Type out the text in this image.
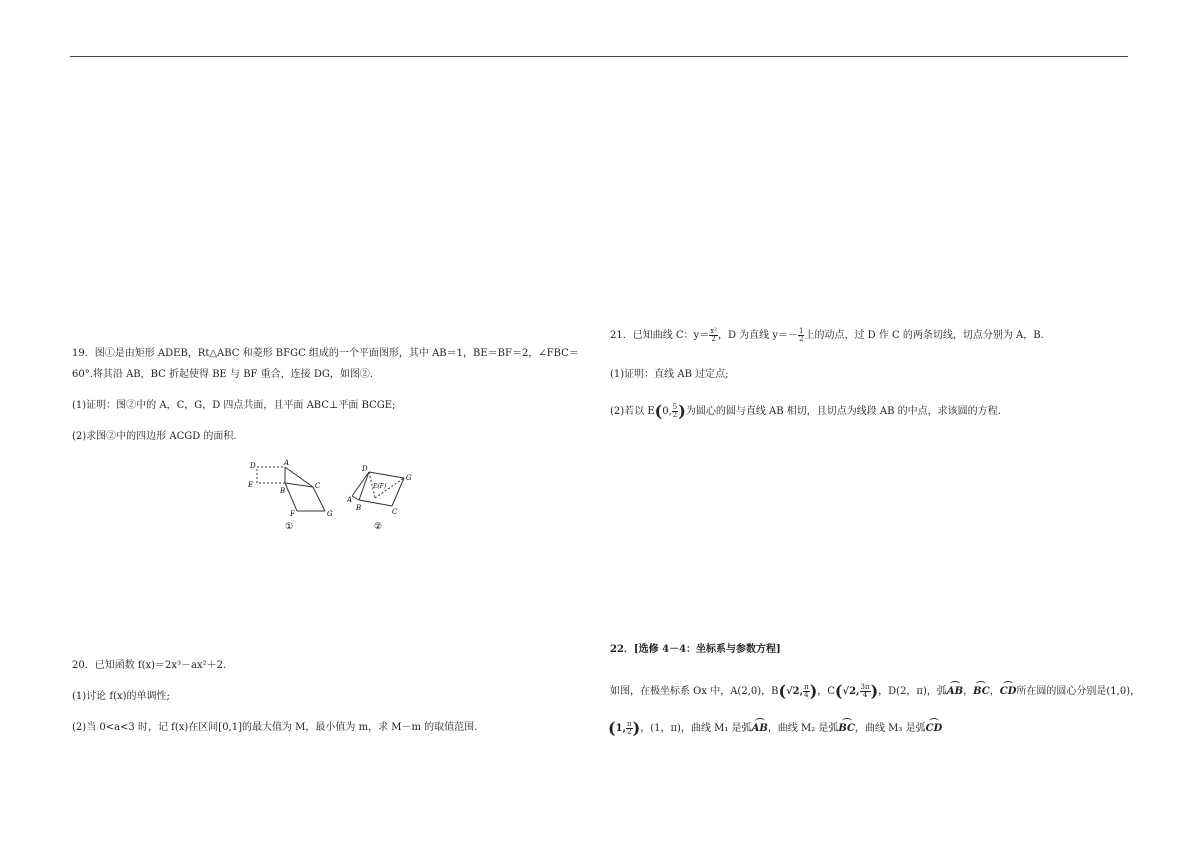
19．图①是由矩形 ADEB，Rt△ABC 和菱形 BFGC 组成的一个平面图形，其中 AB＝1，BE＝BF＝2，∠FBC＝
60°.将其沿 AB，BC 折起使得 BE 与 BF 重合，连接 DG，如图②.
(1)证明：图②中的 A，C，G，D 四点共面，且平面 ABC⊥平面 BCGE;
(2)求图②中的四边形 ACGD 的面积.
D	A
E
B
C
F	G
①
D
G
E(F)
A
B	C
②
20．已知函数 f(x)＝2x³－ax²＋2.
(1)讨论 f(x)的单调性;
(2)当 0<a<3 时，记 f(x)在区间[0,1]的最大值为 M，最小值为 m，求 M－m 的取值范围.
21．已知曲线 C：$y= \frac{\text{x²}}{2}$ ，D 为直线 $y=- \frac{1}{2}$ 上的动点，过 D 作 C 的两条切线，切点分别为 A，B.
(1)证明：直线 AB 过定点;
(2)若以 E(0, $\frac{5}{2}$ )为圆心的圆与直线 AB 相切，且切点为线段 AB 的中点，求该圆的方程.
22．[选修 4－4：坐标系与参数方程]
如图，在极坐标系 Ox 中，A(2,0)，B(√2, $\frac{\pi}{4}$ )，C(√2, $\frac{3\pi}{4}$ )，D(2，π)，弧AB，BC，CD所在圆的圆心分别是(1,0)，
(1, $\frac{\pi}{2}$ )，(1，π)，曲线 M₁ 是弧AB，曲线 M₂ 是弧BC，曲线 M₃ 是弧CD
